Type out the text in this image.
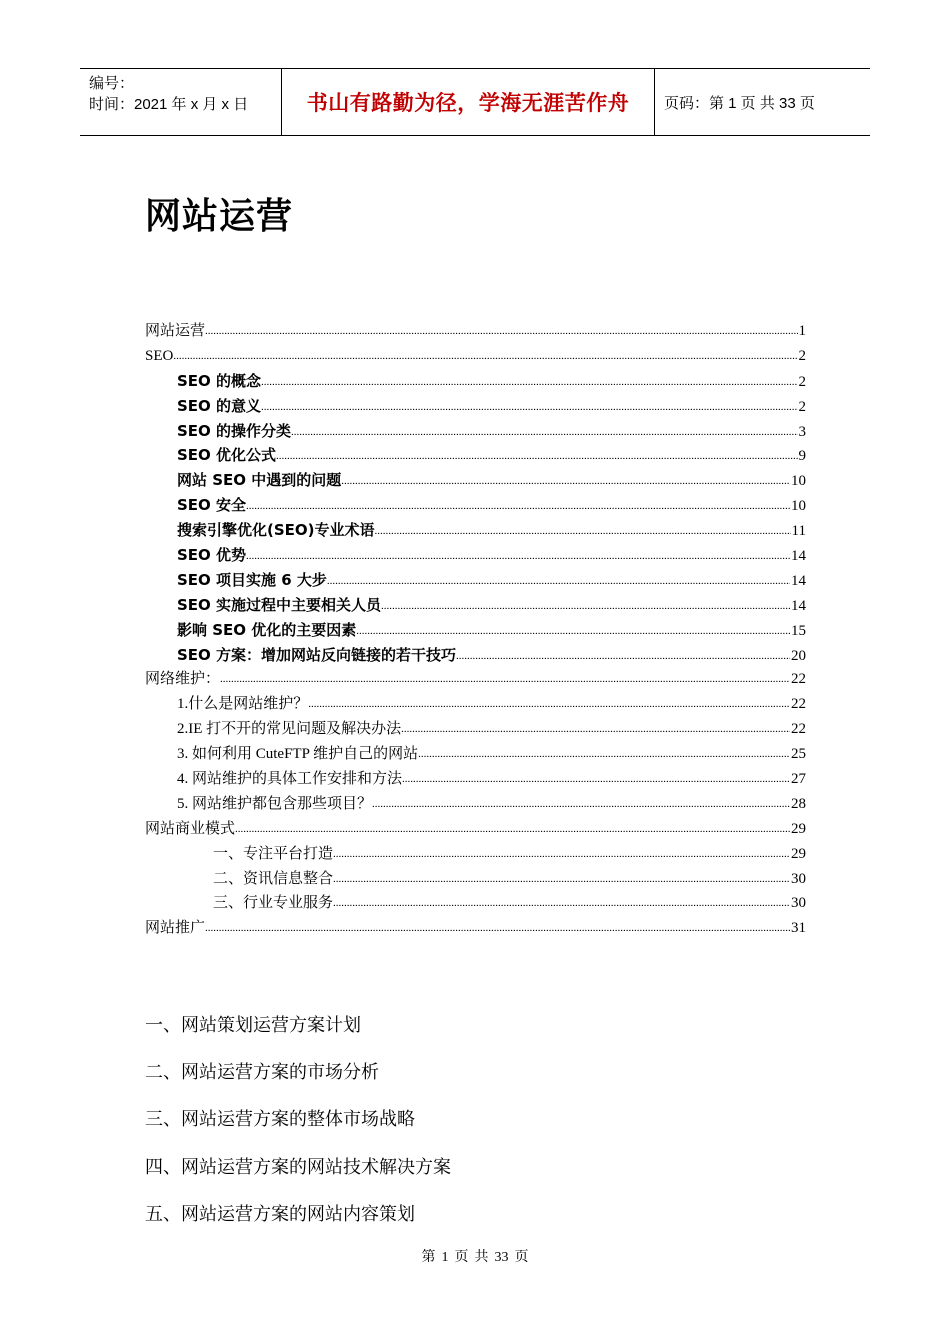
编号：
时间：2021 年 x 月 x 日	书山有路勤为径，学海无涯苦作舟	页码：第 1 页 共 33 页
网站运营
网站运营 .....	1
SEO .....	2
SEO 的概念 .....	2
SEO 的意义 .....	2
SEO 的操作分类 .....	3
SEO 优化公式 .....	9
网站 SEO 中遇到的问题 .....	10
SEO 安全 .....	10
搜索引擎优化(SEO)专业术语 .....	11
SEO 优势 .....	14
SEO 项目实施 6 大步 .....	14
SEO 实施过程中主要相关人员 .....	14
影响 SEO 优化的主要因素 .....	15
SEO 方案：增加网站反向链接的若干技巧 .....	20
网络维护： .....	22
1.什么是网站维护？ .....	22
2.IE 打不开的常见问题及解决办法 .....	22
3. 如何利用 CuteFTP 维护自己的网站 .....	25
4. 网站维护的具体工作安排和方法 .....	27
5. 网站维护都包含那些项目？ .....	28
网站商业模式 .....	29
一、专注平台打造 .....	29
二、资讯信息整合 .....	30
三、行业专业服务 .....	30
网站推广 .....	31
一、网站策划运营方案计划
二、网站运营方案的市场分析
三、网站运营方案的整体市场战略
四、网站运营方案的网站技术解决方案
五、网站运营方案的网站内容策划
第 1 页 共 33 页
